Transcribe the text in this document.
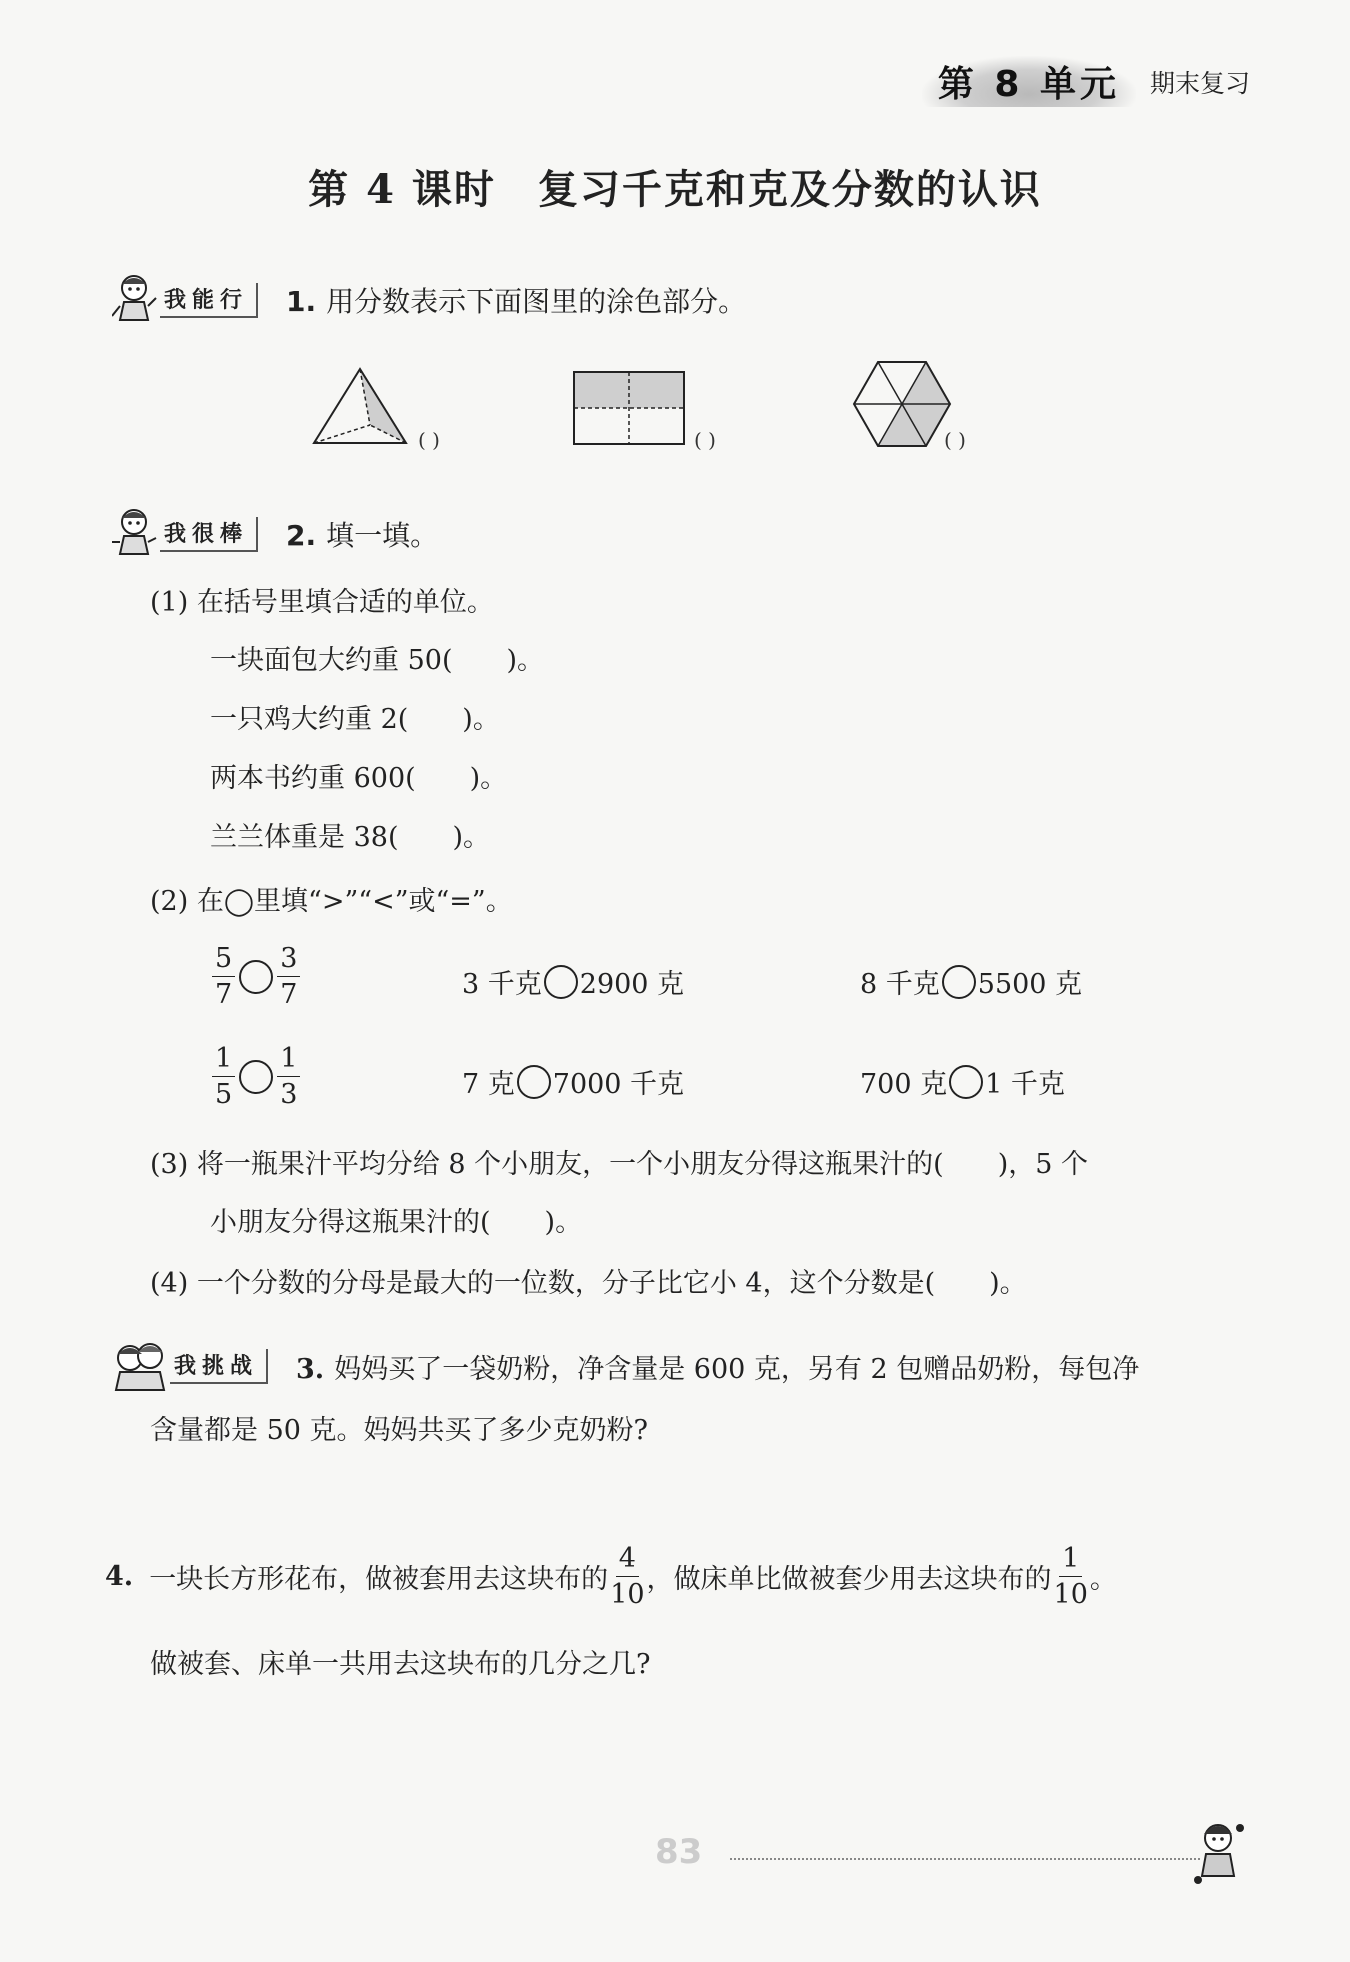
第 8 单元	期末复习
第 4 课时　复习千克和克及分数的认识
我能行	1. 用分数表示下面图里的涂色部分。
( )	( )	( )
我很棒	2. 填一填。
(1) 在括号里填合适的单位。
一块面包大约重 50(　　)。
一只鸡大约重 2(　　)。
两本书约重 600(　　)。
兰兰体重是 38(　　)。
(2) 在◯里填“>”“<”或“=”。
$\frac{5}{7} \frac{3}{7}$	3 千克 2900 克	8 千克 5500 克
$\frac{1}{5} \frac{1}{3}$	7 克 7000 千克	700 克 1 千克
(3) 将一瓶果汁平均分给 8 个小朋友，一个小朋友分得这瓶果汁的(　　)，5 个
小朋友分得这瓶果汁的(　　)。
(4) 一个分数的分母是最大的一位数，分子比它小 4，这个分数是(　　)。
我挑战	3. 妈妈买了一袋奶粉，净含量是 600 克，另有 2 包赠品奶粉，每包净
含量都是 50 克。妈妈共买了多少克奶粉?
4. 一块长方形花布，做被套用去这块布的 $\frac{4}{10}$ ，做床单比做被套少用去这块布的 $\frac{1}{10}$ 。
做被套、床单一共用去这块布的几分之几?
83
